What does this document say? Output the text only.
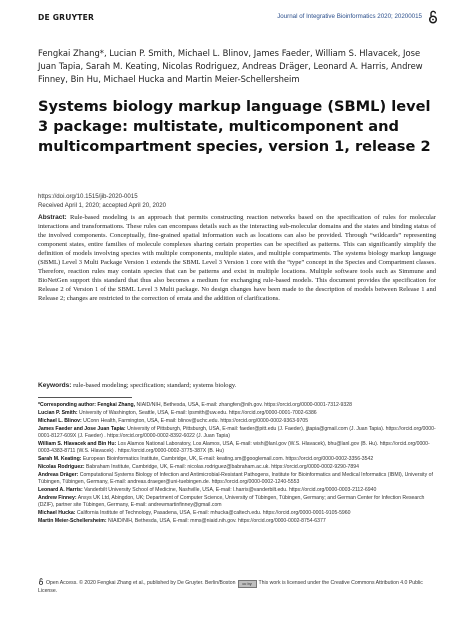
DE GRUYTER	Journal of Integrative Bioinformatics 2020; 20200015
Fengkai Zhang*, Lucian P. Smith, Michael L. Blinov, James Faeder, William S. Hlavacek, Jose Juan Tapia, Sarah M. Keating, Nicolas Rodriguez, Andreas Dräger, Leonard A. Harris, Andrew Finney, Bin Hu, Michael Hucka and Martin Meier-Schellersheim
Systems biology markup language (SBML) level 3 package: multistate, multicomponent and multicompartment species, version 1, release 2
https://doi.org/10.1515/jib-2020-0015
Received April 1, 2020; accepted April 20, 2020
Abstract: Rule-based modeling is an approach that permits constructing reaction networks based on the specification of rules for molecular interactions and transformations. These rules can encompass details such as the interacting sub-molecular domains and the states and binding status of the involved components. Conceptually, fine-grained spatial information such as locations can also be provided. Through “wildcards” representing component states, entire families of molecule complexes sharing certain properties can be specified as patterns. This can significantly simplify the definition of models involving species with multiple components, multiple states, and multiple compartments. The systems biology markup language (SBML) Level 3 Multi Package Version 1 extends the SBML Level 3 Version 1 core with the “type” concept in the Species and Compartment classes. Therefore, reaction rules may contain species that can be patterns and exist in multiple locations. Multiple software tools such as Simmune and BioNetGen support this standard that thus also becomes a medium for exchanging rule-based models. This document provides the specification for Release 2 of Version 1 of the SBML Level 3 Multi package. No design changes have been made to the description of models between Release 1 and Release 2; changes are restricted to the correction of errata and the addition of clarifications.
Keywords: rule-based modeling; specification; standard; systems biology.
*Corresponding author: Fengkai Zhang, NIAID/NIH, Bethesda, USA, E-mail: zhangfen@nih.gov. https://orcid.org/0000-0001-7312-9328
Lucian P. Smith: University of Washington, Seattle, USA, E-mail: lpsmith@uw.edu. https://orcid.org/0000-0001-7002-6386
Michael L. Blinov: UConn Health, Farmington, USA, E-mail: blinov@uchc.edu. https://orcid.org/0000-0002-9363-9705
James Faeder and Jose Juan Tapia: University of Pittsburgh, Pittsburgh, USA, E-mail: faeder@pitt.edu (J. Faeder), jjtapia@gmail.com (J. Juan Tapia). https://orcid.org/0000-0001-8127-609X (J. Faeder) . https://orcid.org/0000-0002-8392-6022 (J. Juan Tapia)
William S. Hlavacek and Bin Hu: Los Alamos National Laboratory, Los Alamos, USA, E-mail: wish@lanl.gov (W.S. Hlavacek), bhu@lanl.gov (B. Hu). https://orcid.org/0000-0003-4383-8711 (W.S. Hlavacek) . https://orcid.org/0000-0002-3775-387X (B. Hu)
Sarah M. Keating: European Bioinformatics Institute, Cambridge, UK, E-mail: keating.sm@googlemail.com. https://orcid.org/0000-0002-3356-3542
Nicolas Rodriguez: Babraham Institute, Cambridge, UK, E-mail: nicolas.rodriguez@babraham.ac.uk. https://orcid.org/0000-0002-9290-7894
Andreas Dräger: Computational Systems Biology of Infection and Antimicrobial-Resistant Pathogens, Institute for Bioinformatics and Medical Informatics (IBMI), University of Tübingen, Tübingen, Germany, E-mail: andreas.draeger@uni-tuebingen.de. https://orcid.org/0000-0002-1240-5553
Leonard A. Harris: Vanderbilt University School of Medicine, Nashville, USA, E-mail: l.harris@vanderbilt.edu. https://orcid.org/0000-0003-2112-6940
Andrew Finney: Ansys UK Ltd, Abingdon, UK; Department of Computer Science, University of Tübingen, Tübingen, Germany; and German Center for Infection Research (DZIF), partner site Tübingen, Germany, E-mail: andrewmartinfinney@gmail.com
Michael Hucka: California Institute of Technology, Pasadena, USA, E-mail: mhucka@caltech.edu. https://orcid.org/0000-0001-9105-5960
Martin Meier-Schellersheim: NIAID/NIH, Bethesda, USA, E-mail: mms@niaid.nih.gov. https://orcid.org/0000-0002-8754-6377
Open Access. © 2020 Fengkai Zhang et al., published by De Gruyter. Berlin/Boston cc by This work is licensed under the Creative Commons Attribution 4.0 Public License.
